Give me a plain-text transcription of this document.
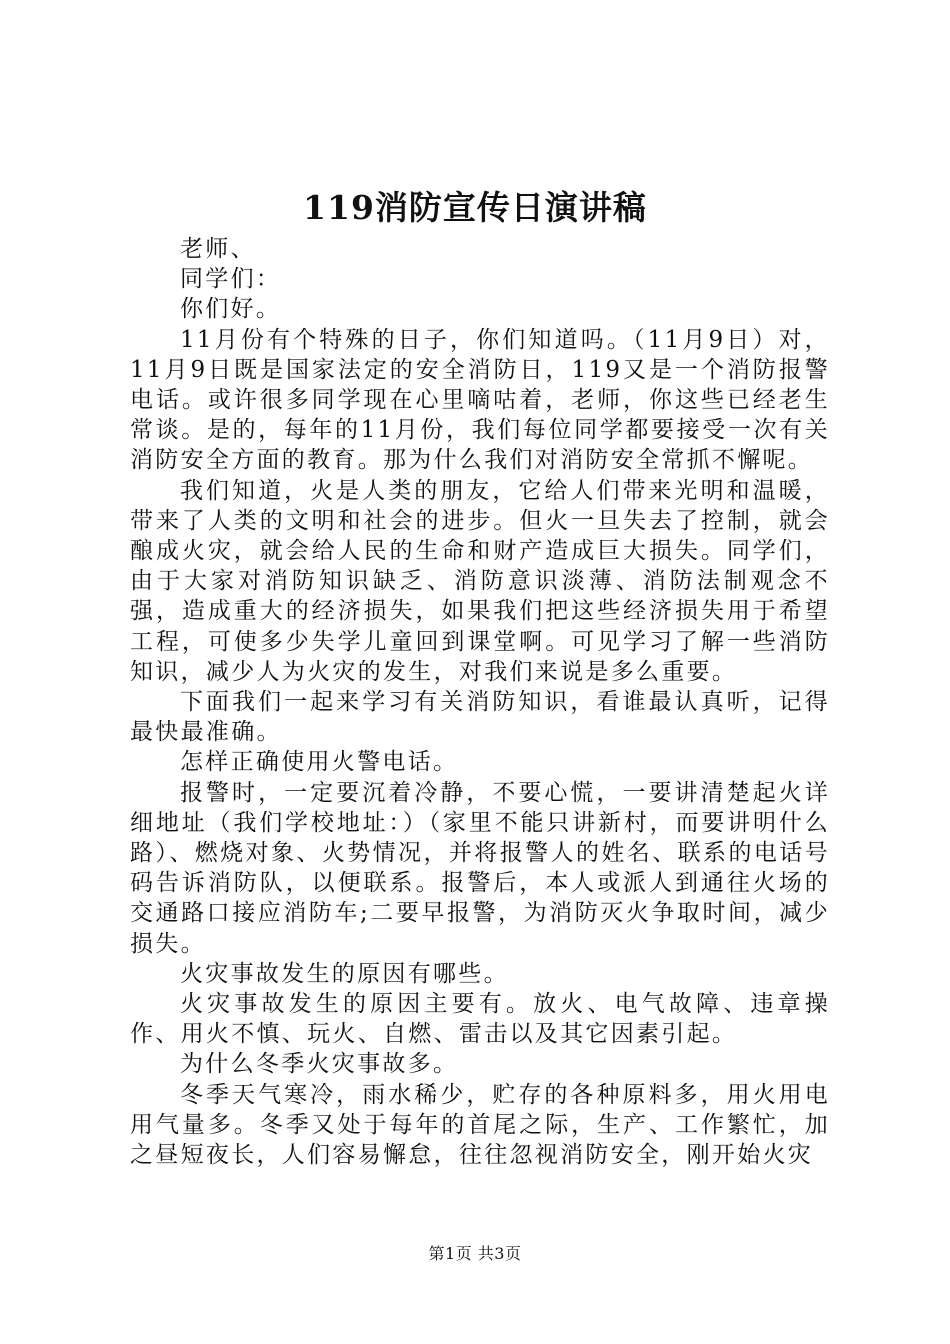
119消防宣传日演讲稿

老师、

同学们：

你们好。

11月份有个特殊的日子，你们知道吗。（11月9日）对，11月9日既是国家法定的安全消防日，119又是一个消防报警电话。或许很多同学现在心里嘀咕着，老师，你这些已经老生常谈。是的，每年的11月份，我们每位同学都要接受一次有关消防安全方面的教育。那为什么我们对消防安全常抓不懈呢。

我们知道，火是人类的朋友，它给人们带来光明和温暖，带来了人类的文明和社会的进步。但火一旦失去了控制，就会酿成火灾，就会给人民的生命和财产造成巨大损失。同学们，由于大家对消防知识缺乏、消防意识淡薄、消防法制观念不强，造成重大的经济损失，如果我们把这些经济损失用于希望工程，可使多少失学儿童回到课堂啊。可见学习了解一些消防知识，减少人为火灾的发生，对我们来说是多么重要。

下面我们一起来学习有关消防知识，看谁最认真听，记得最快最准确。

怎样正确使用火警电话。

报警时，一定要沉着冷静，不要心慌，一要讲清楚起火详细地址（我们学校地址：）（家里不能只讲新村，而要讲明什么路）、燃烧对象、火势情况，并将报警人的姓名、联系的电话号码告诉消防队，以便联系。报警后，本人或派人到通往火场的交通路口接应消防车;二要早报警，为消防灭火争取时间，减少损失。

火灾事故发生的原因有哪些。

火灾事故发生的原因主要有。放火、电气故障、违章操作、用火不慎、玩火、自燃、雷击以及其它因素引起。

为什么冬季火灾事故多。

冬季天气寒冷，雨水稀少，贮存的各种原料多，用火用电用气量多。冬季又处于每年的首尾之际，生产、工作繁忙，加之昼短夜长，人们容易懈怠，往往忽视消防安全，刚开始火灾

第1页 共3页
